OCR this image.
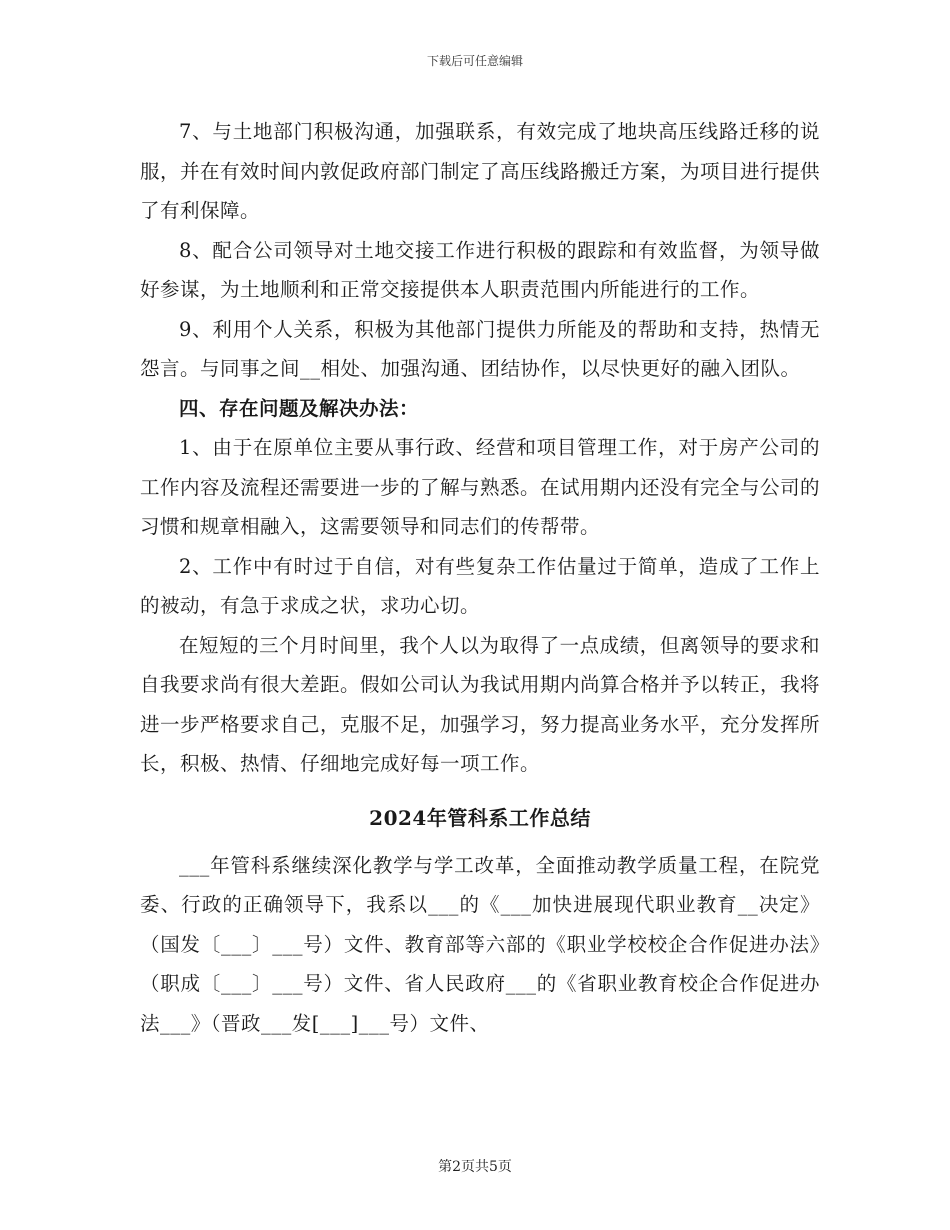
下载后可任意编辑

7、与土地部门积极沟通，加强联系，有效完成了地块高压线路迁移的说服，并在有效时间内敦促政府部门制定了高压线路搬迁方案，为项目进行提供了有利保障。

8、配合公司领导对土地交接工作进行积极的跟踪和有效监督，为领导做好参谋，为土地顺利和正常交接提供本人职责范围内所能进行的工作。

9、利用个人关系，积极为其他部门提供力所能及的帮助和支持，热情无怨言。与同事之间__相处、加强沟通、团结协作，以尽快更好的融入团队。

四、存在问题及解决办法：

1、由于在原单位主要从事行政、经营和项目管理工作，对于房产公司的工作内容及流程还需要进一步的了解与熟悉。在试用期内还没有完全与公司的习惯和规章相融入，这需要领导和同志们的传帮带。

2、工作中有时过于自信，对有些复杂工作估量过于简单，造成了工作上的被动，有急于求成之状，求功心切。

在短短的三个月时间里，我个人以为取得了一点成绩，但离领导的要求和自我要求尚有很大差距。假如公司认为我试用期内尚算合格并予以转正，我将进一步严格要求自己，克服不足，加强学习，努力提高业务水平，充分发挥所长，积极、热情、仔细地完成好每一项工作。

2024年管科系工作总结

___年管科系继续深化教学与学工改革，全面推动教学质量工程，在院党委、行政的正确领导下，我系以___的《___加快进展现代职业教育__决定》（国发〔___〕___号）文件、教育部等六部的《职业学校校企合作促进办法》（职成〔___〕___号）文件、省人民政府___的《省职业教育校企合作促进办法___》（晋政___发[___]___号）文件、

第2页共5页
